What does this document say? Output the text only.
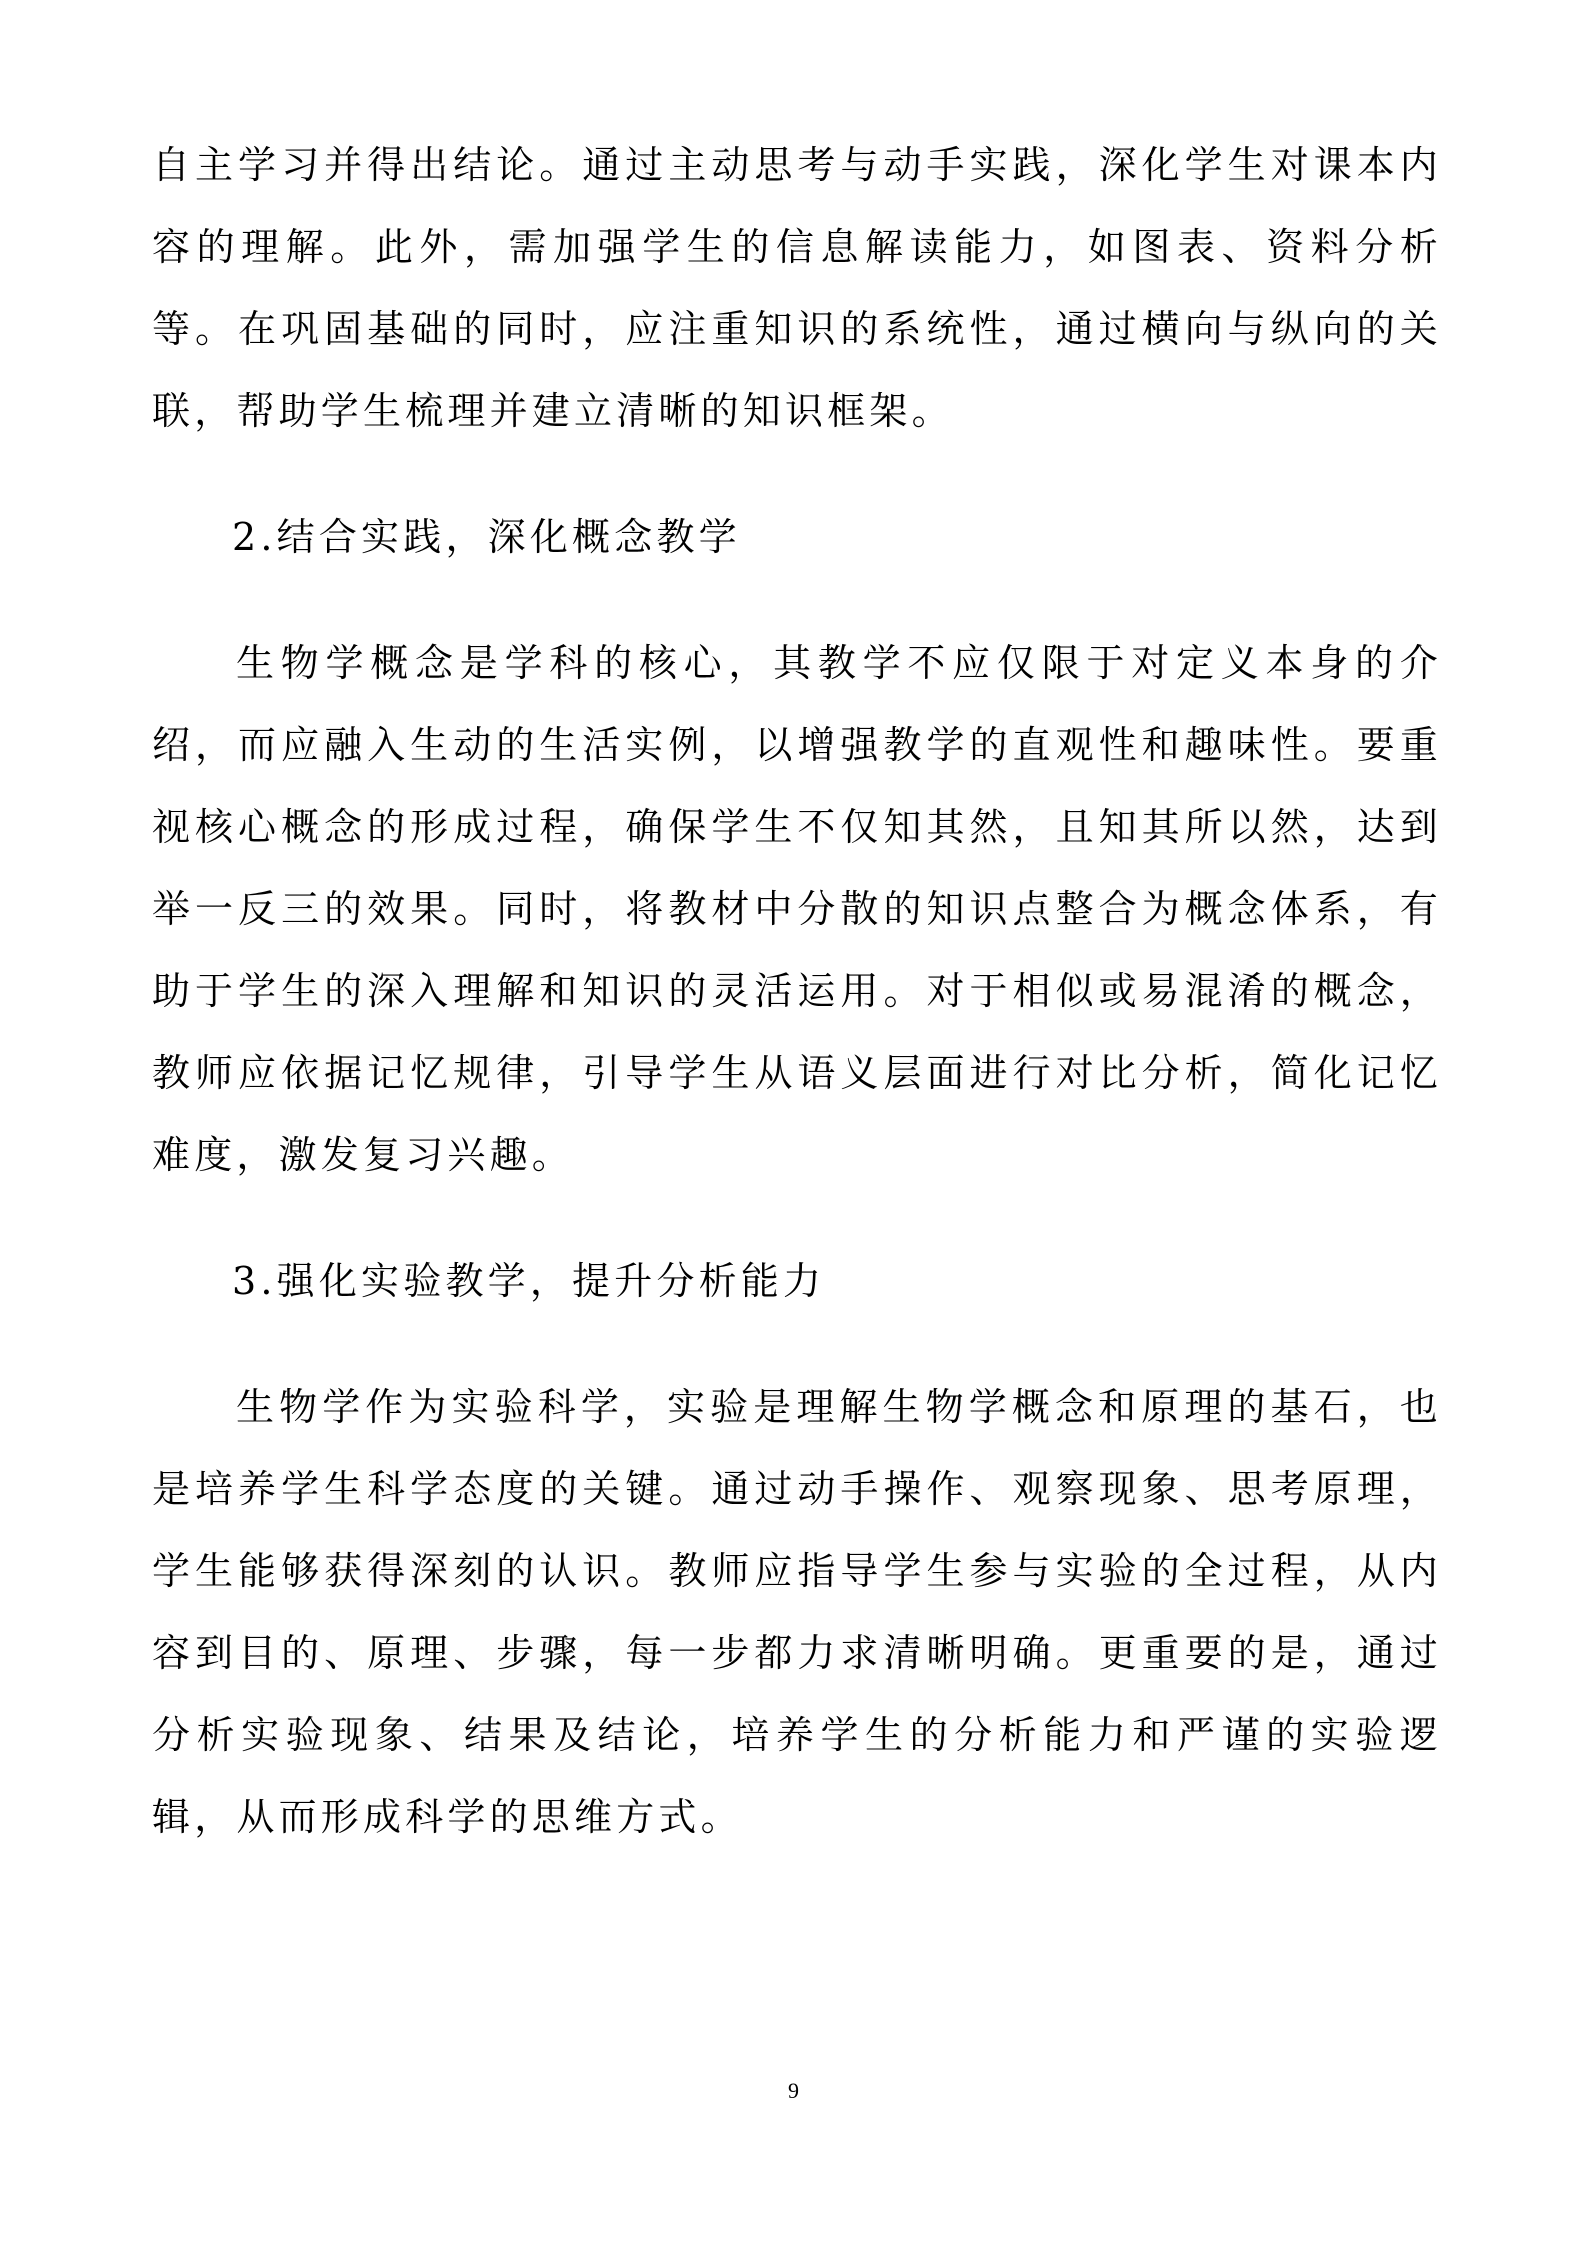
自主学习并得出结论。通过主动思考与动手实践，深化学生对课本内容的理解。此外，需加强学生的信息解读能力，如图表、资料分析等。在巩固基础的同时，应注重知识的系统性，通过横向与纵向的关联，帮助学生梳理并建立清晰的知识框架。

2.结合实践，深化概念教学

生物学概念是学科的核心，其教学不应仅限于对定义本身的介绍，而应融入生动的生活实例，以增强教学的直观性和趣味性。要重视核心概念的形成过程，确保学生不仅知其然，且知其所以然，达到举一反三的效果。同时，将教材中分散的知识点整合为概念体系，有助于学生的深入理解和知识的灵活运用。对于相似或易混淆的概念，教师应依据记忆规律，引导学生从语义层面进行对比分析，简化记忆难度，激发复习兴趣。

3.强化实验教学，提升分析能力

生物学作为实验科学，实验是理解生物学概念和原理的基石，也是培养学生科学态度的关键。通过动手操作、观察现象、思考原理，学生能够获得深刻的认识。教师应指导学生参与实验的全过程，从内容到目的、原理、步骤，每一步都力求清晰明确。更重要的是，通过分析实验现象、结果及结论，培养学生的分析能力和严谨的实验逻辑，从而形成科学的思维方式。

9
